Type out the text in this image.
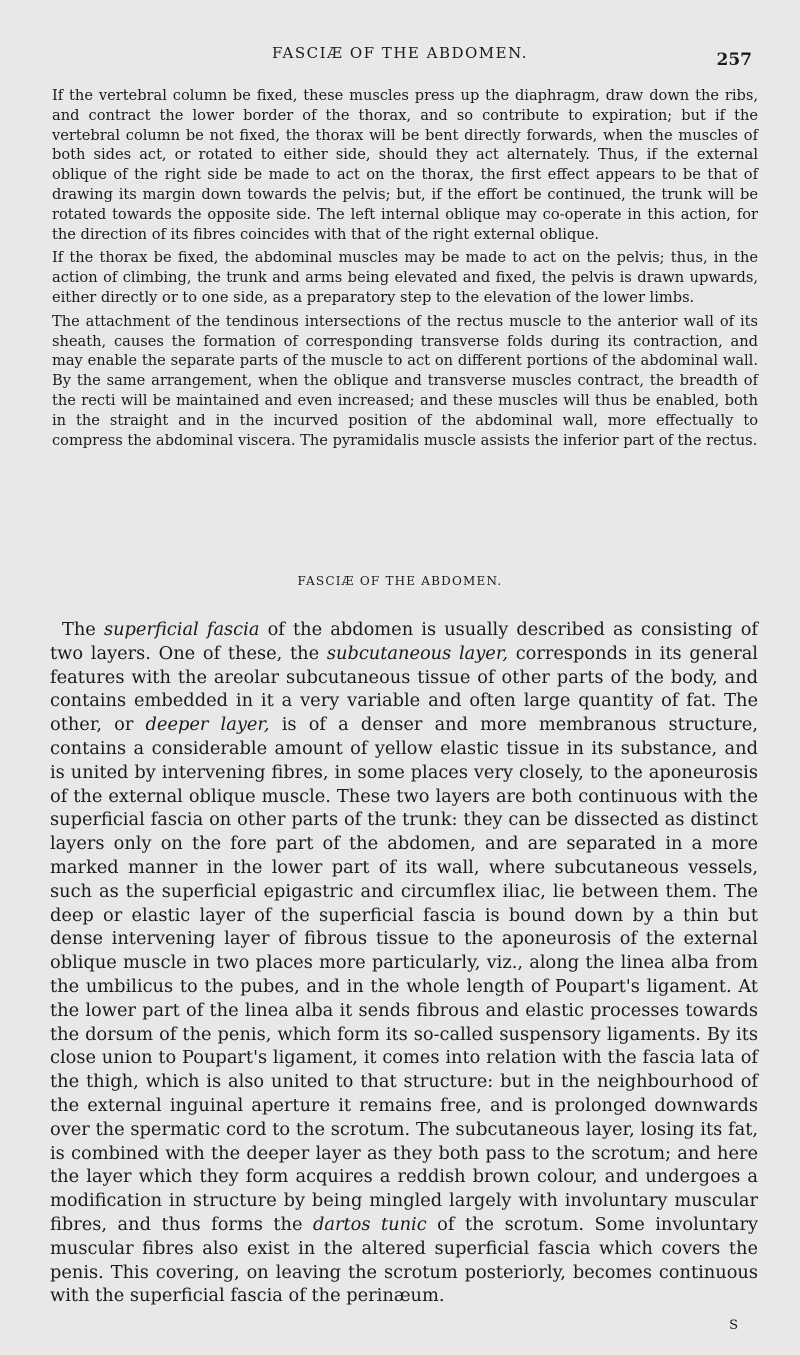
FASCIÆ OF THE ABDOMEN.	257

If the vertebral column be fixed, these muscles press up the diaphragm, draw down the ribs, and contract the lower border of the thorax, and so contribute to expiration; but if the vertebral column be not fixed, the thorax will be bent directly forwards, when the muscles of both sides act, or rotated to either side, should they act alternately. Thus, if the external oblique of the right side be made to act on the thorax, the first effect appears to be that of drawing its margin down towards the pelvis; but, if the effort be continued, the trunk will be rotated towards the opposite side. The left internal oblique may co-operate in this action, for the direction of its fibres coincides with that of the right external oblique.

If the thorax be fixed, the abdominal muscles may be made to act on the pelvis; thus, in the action of climbing, the trunk and arms being elevated and fixed, the pelvis is drawn upwards, either directly or to one side, as a preparatory step to the elevation of the lower limbs.

The attachment of the tendinous intersections of the rectus muscle to the anterior wall of its sheath, causes the formation of corresponding transverse folds during its contraction, and may enable the separate parts of the muscle to act on different portions of the abdominal wall. By the same arrangement, when the oblique and transverse muscles contract, the breadth of the recti will be maintained and even increased; and these muscles will thus be enabled, both in the straight and in the incurved position of the abdominal wall, more effectually to compress the abdominal viscera. The pyramidalis muscle assists the inferior part of the rectus.

FASCIÆ OF THE ABDOMEN.

The superficial fascia of the abdomen is usually described as consisting of two layers. One of these, the subcutaneous layer, corresponds in its general features with the areolar subcutaneous tissue of other parts of the body, and contains embedded in it a very variable and often large quantity of fat. The other, or deeper layer, is of a denser and more membranous structure, contains a considerable amount of yellow elastic tissue in its substance, and is united by intervening fibres, in some places very closely, to the aponeurosis of the external oblique muscle. These two layers are both continuous with the superficial fascia on other parts of the trunk: they can be dissected as distinct layers only on the fore part of the abdomen, and are separated in a more marked manner in the lower part of its wall, where subcutaneous vessels, such as the superficial epigastric and circumflex iliac, lie between them. The deep or elastic layer of the superficial fascia is bound down by a thin but dense intervening layer of fibrous tissue to the aponeurosis of the external oblique muscle in two places more particularly, viz., along the linea alba from the umbilicus to the pubes, and in the whole length of Poupart's ligament. At the lower part of the linea alba it sends fibrous and elastic processes towards the dorsum of the penis, which form its so-called suspensory ligaments. By its close union to Poupart's ligament, it comes into relation with the fascia lata of the thigh, which is also united to that structure: but in the neighbourhood of the external inguinal aperture it remains free, and is prolonged downwards over the spermatic cord to the scrotum. The subcutaneous layer, losing its fat, is combined with the deeper layer as they both pass to the scrotum; and here the layer which they form acquires a reddish brown colour, and undergoes a modification in structure by being mingled largely with involuntary muscular fibres, and thus forms the dartos tunic of the scrotum. Some involuntary muscular fibres also exist in the altered superficial fascia which covers the penis. This covering, on leaving the scrotum posteriorly, becomes continuous with the superficial fascia of the perinæum.

S
